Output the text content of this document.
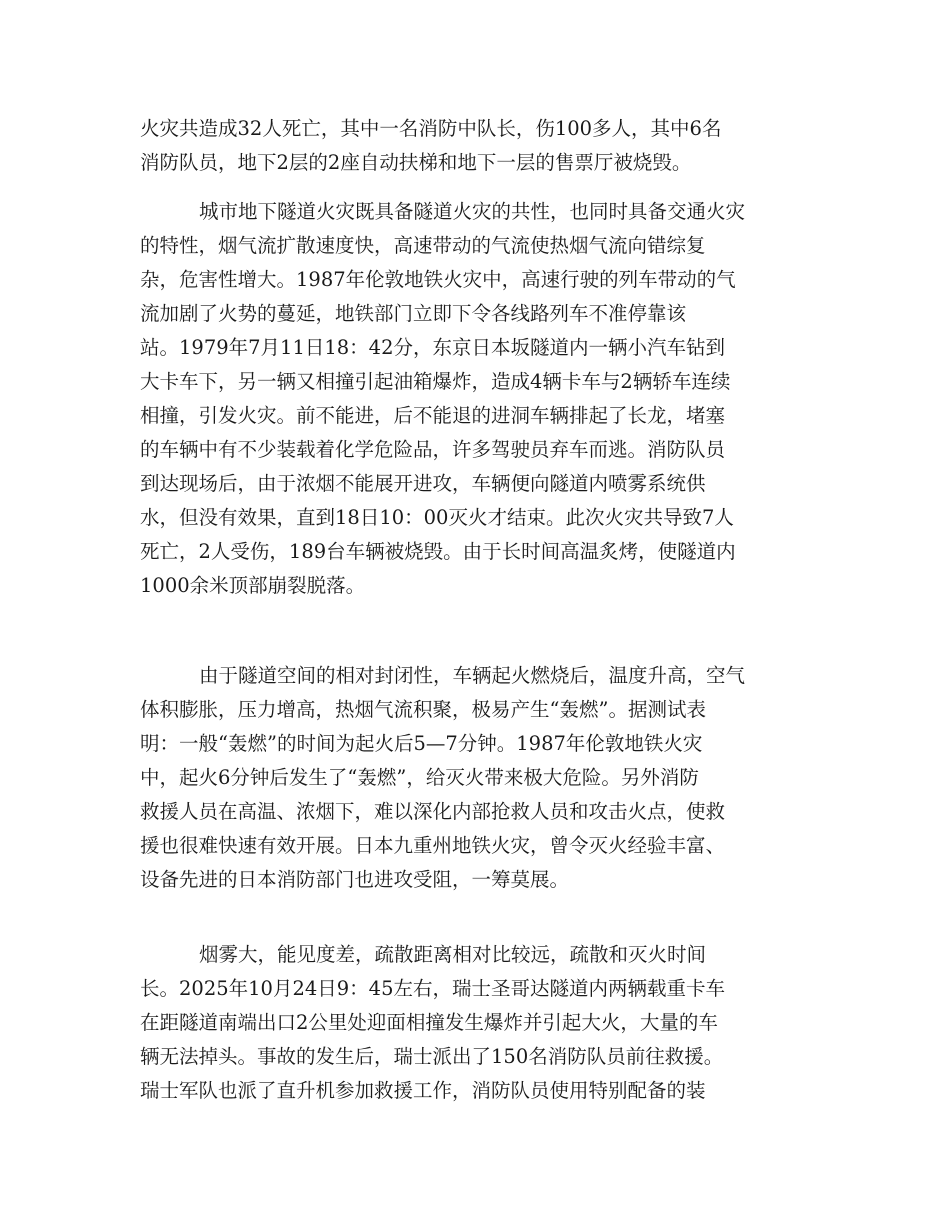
火灾共造成32人死亡，其中一名消防中队长，伤100多人，其中6名
消防队员，地下2层的2座自动扶梯和地下一层的售票厅被烧毁。
城市地下隧道火灾既具备隧道火灾的共性，也同时具备交通火灾
的特性，烟气流扩散速度快，高速带动的气流使热烟气流向错综复
杂，危害性增大。1987年伦敦地铁火灾中，高速行驶的列车带动的气
流加剧了火势的蔓延，地铁部门立即下令各线路列车不准停靠该
站。1979年7月11日18：42分，东京日本坂隧道内一辆小汽车钻到
大卡车下，另一辆又相撞引起油箱爆炸，造成4辆卡车与2辆轿车连续
相撞，引发火灾。前不能进，后不能退的进洞车辆排起了长龙，堵塞
的车辆中有不少装载着化学危险品，许多驾驶员弃车而逃。消防队员
到达现场后，由于浓烟不能展开进攻，车辆便向隧道内喷雾系统供
水，但没有效果，直到18日10：00灭火才结束。此次火灾共导致7人
死亡，2人受伤，189台车辆被烧毁。由于长时间高温炙烤，使隧道内
1000余米顶部崩裂脱落。
由于隧道空间的相对封闭性，车辆起火燃烧后，温度升高，空气
体积膨胀，压力增高，热烟气流积聚，极易产生“轰燃”。据测试表
明：一般“轰燃”的时间为起火后5—7分钟。1987年伦敦地铁火灾
中，起火6分钟后发生了“轰燃”，给灭火带来极大危险。另外消防
救援人员在高温、浓烟下，难以深化内部抢救人员和攻击火点，使救
援也很难快速有效开展。日本九重州地铁火灾，曾令灭火经验丰富、
设备先进的日本消防部门也进攻受阻，一筹莫展。
烟雾大，能见度差，疏散距离相对比较远，疏散和灭火时间
长。2025年10月24日9：45左右，瑞士圣哥达隧道内两辆载重卡车
在距隧道南端出口2公里处迎面相撞发生爆炸并引起大火，大量的车
辆无法掉头。事故的发生后，瑞士派出了150名消防队员前往救援。
瑞士军队也派了直升机参加救援工作，消防队员使用特别配备的装
